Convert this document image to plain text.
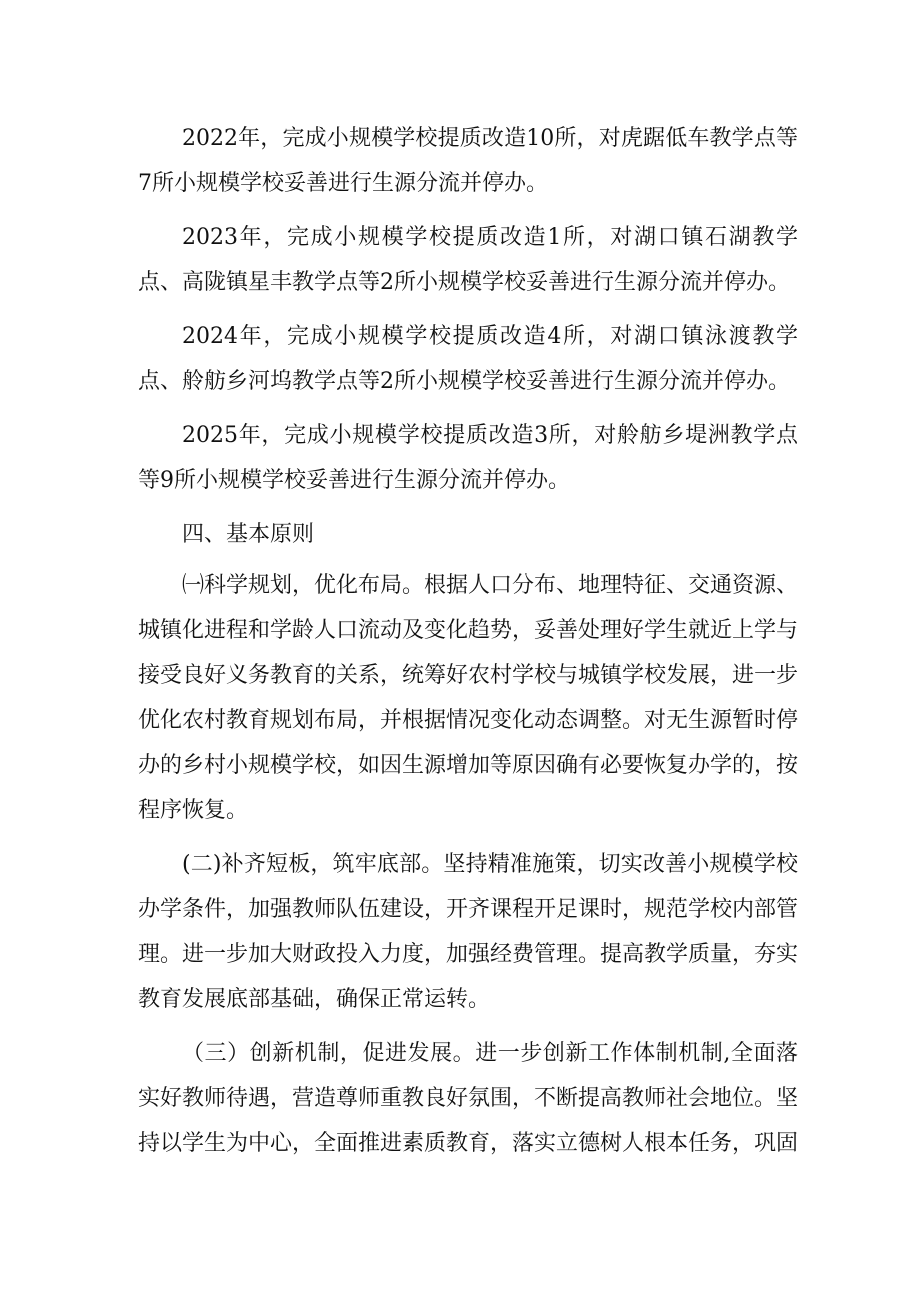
2022年，完成小规模学校提质改造10所，对虎踞低车教学点等7所小规模学校妥善进行生源分流并停办。

2023年，完成小规模学校提质改造1所，对湖口镇石湖教学点、高陇镇星丰教学点等2所小规模学校妥善进行生源分流并停办。

2024年，完成小规模学校提质改造4所，对湖口镇泳渡教学点、舲舫乡河坞教学点等2所小规模学校妥善进行生源分流并停办。

2025年，完成小规模学校提质改造3所，对舲舫乡堤洲教学点等9所小规模学校妥善进行生源分流并停办。

四、基本原则

㈠科学规划，优化布局。根据人口分布、地理特征、交通资源、城镇化进程和学龄人口流动及变化趋势，妥善处理好学生就近上学与接受良好义务教育的关系，统筹好农村学校与城镇学校发展，进一步优化农村教育规划布局，并根据情况变化动态调整。对无生源暂时停办的乡村小规模学校，如因生源增加等原因确有必要恢复办学的，按程序恢复。

(二)补齐短板，筑牢底部。坚持精准施策，切实改善小规模学校办学条件，加强教师队伍建设，开齐课程开足课时，规范学校内部管理。进一步加大财政投入力度，加强经费管理。提高教学质量，夯实教育发展底部基础，确保正常运转。

（三）创新机制，促进发展。进一步创新工作体制机制,全面落实好教师待遇，营造尊师重教良好氛围，不断提高教师社会地位。坚持以学生为中心，全面推进素质教育，落实立德树人根本任务，巩固
